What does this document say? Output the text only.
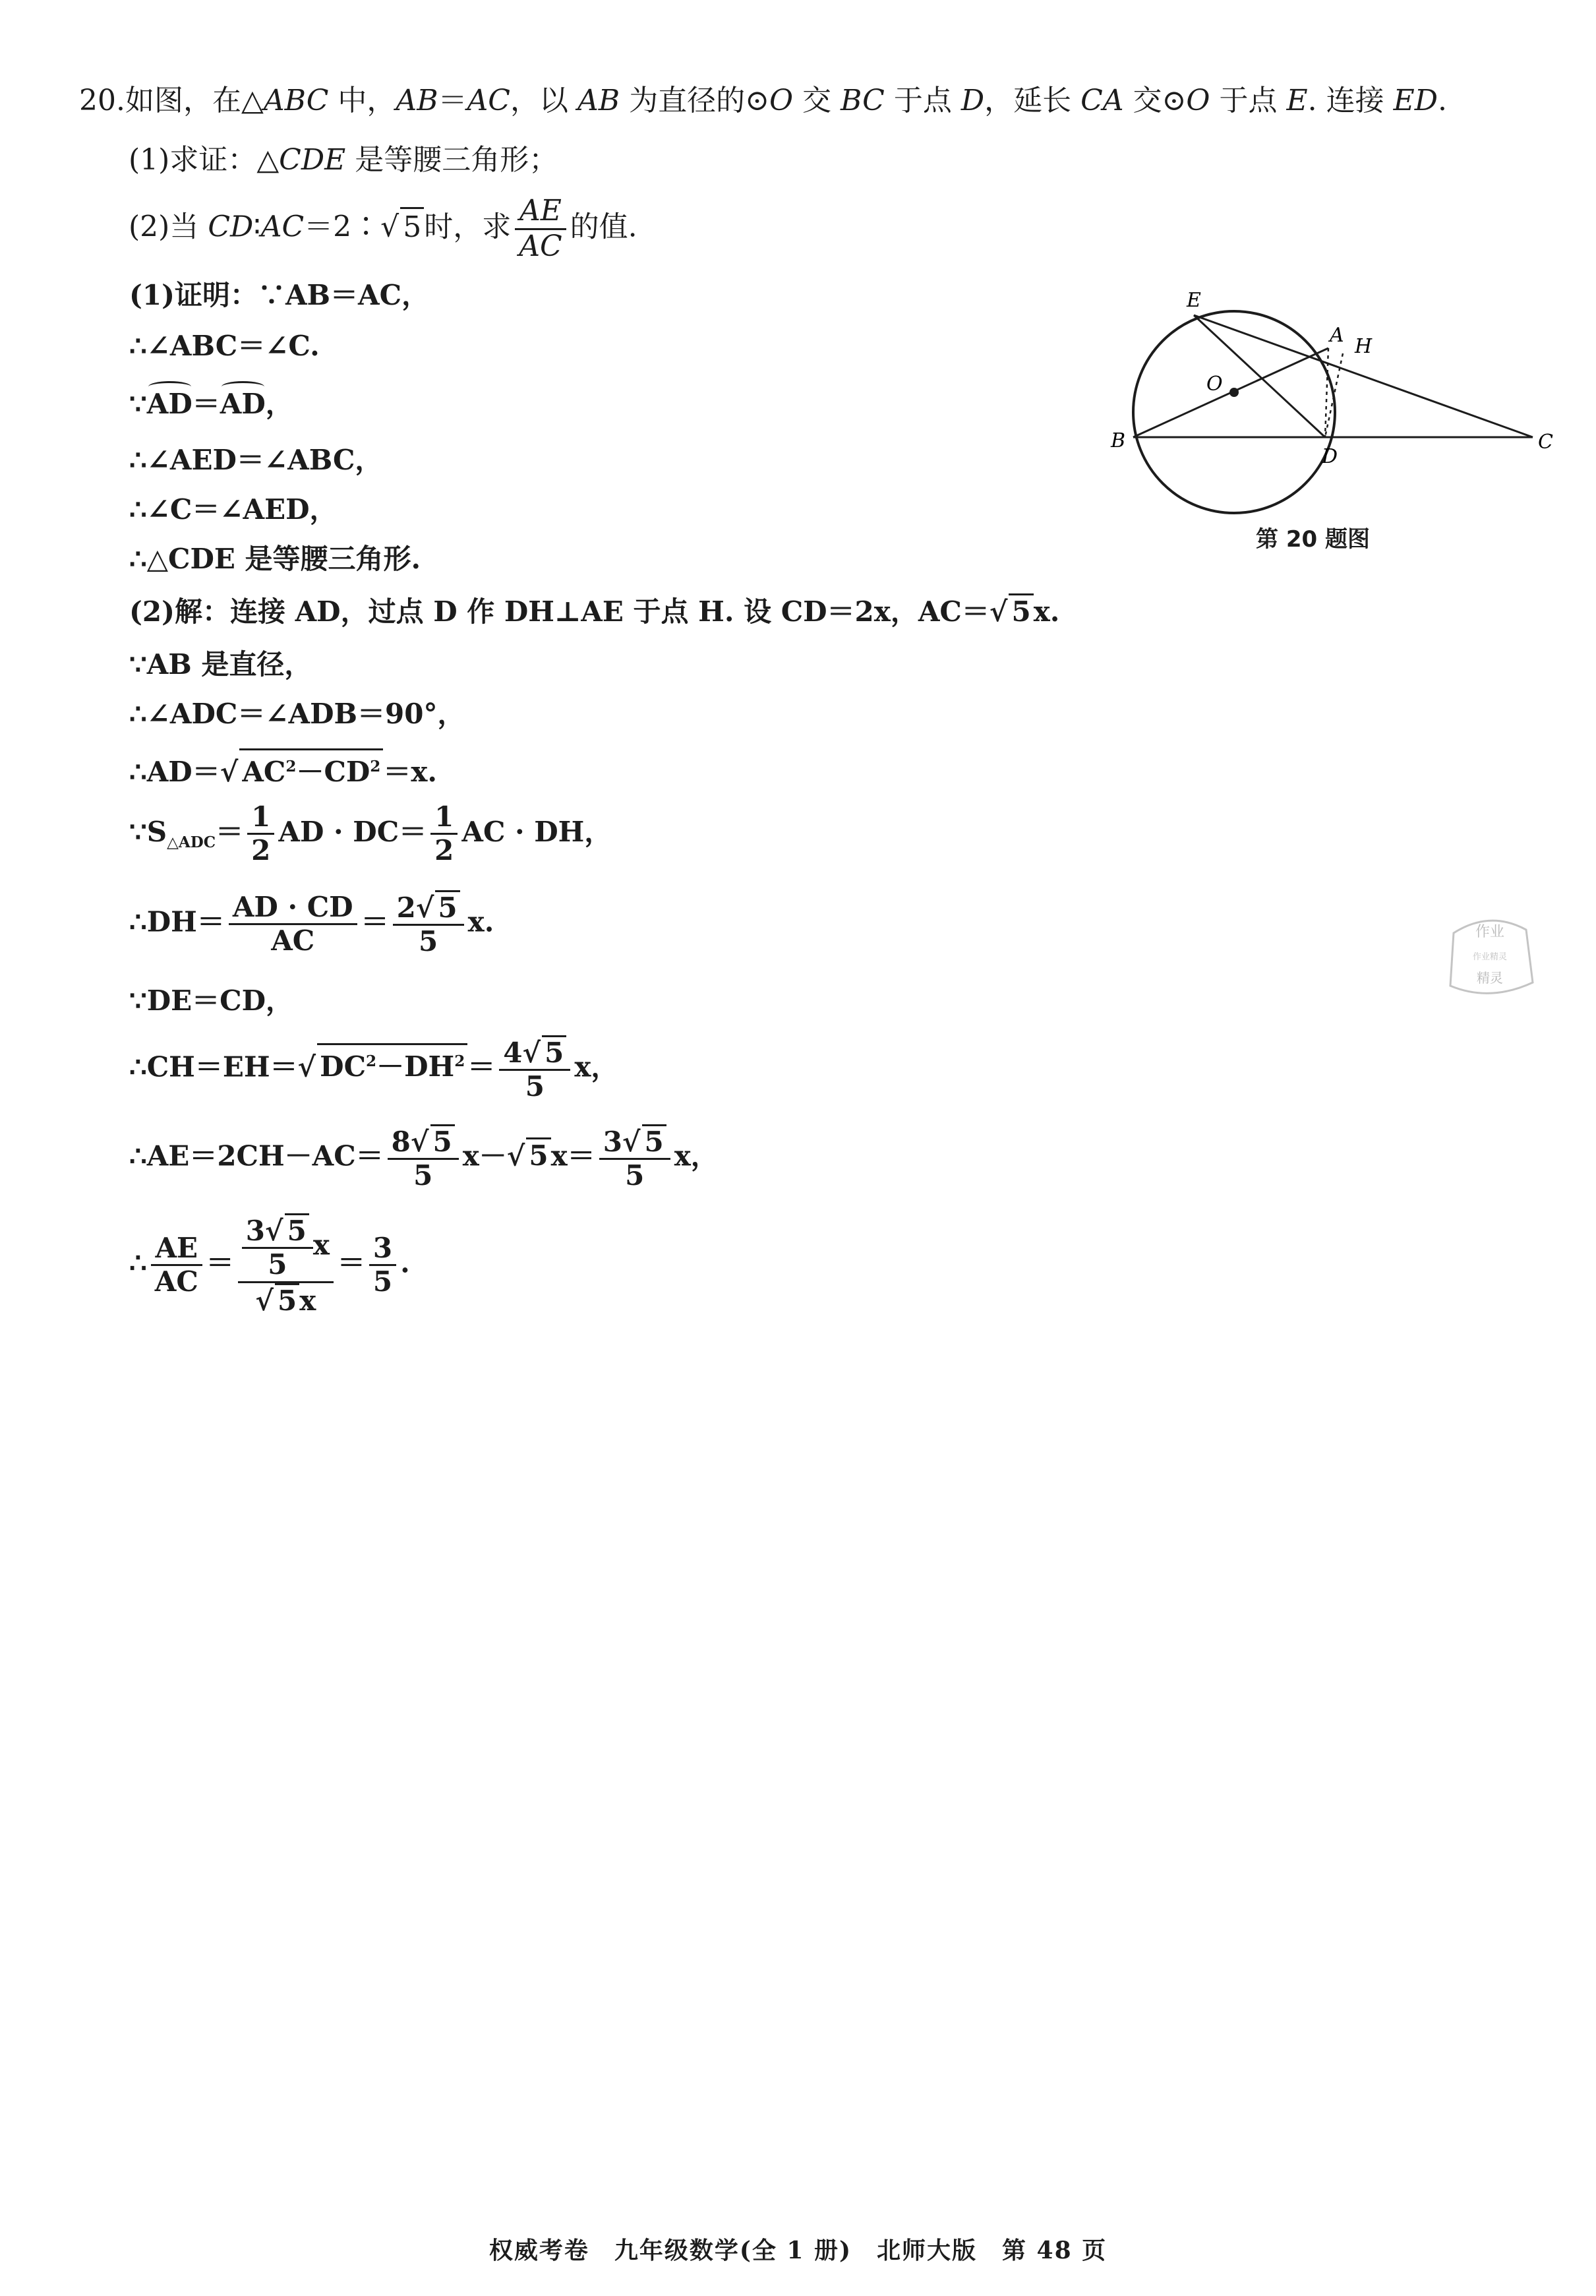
20.如图，在△ABC 中，AB＝AC，以 AB 为直径的⊙O 交 BC 于点 D，延长 CA 交⊙O 于点 E. 连接 ED.
(1)求证：△CDE 是等腰三角形；
(2)当 CD∶AC＝2∶√ 5时，求 $\frac{AE}{AC}$ 的值.
(1)证明：∵AB＝AC，
∴∠ABC＝∠C.
∵AD＝AD，
∴∠AED＝∠ABC，
∴∠C＝∠AED，
∴△CDE 是等腰三角形.
(2)解：连接 AD，过点 D 作 DH⊥AE 于点 H. 设 CD＝2x，AC＝√ 5x.
∵AB 是直径，
∴∠ADC＝∠ADB＝90°，
∴AD＝√ $AC^2-CD^2=x$.
$\because S_{\triangle ADC}= \frac{1}{2}$ AD · $DC= \frac{1}{2}$ AC · DH，
∴DH＝ $\frac{AD \cdot CD}{AC} = \frac{2√ 5}{5} x$.
∵DE＝CD，
∴CH＝EH＝√ $DC^2-DH^2= \frac{4√ 5}{5}$ x，
∴AE＝2CH－AC＝ $\frac{8√ 5}{5} x-√$ $5x= \frac{3√ 5}{5}$ x，
∴ $\frac{AE}{AC} = \frac{\frac{3√ 5}{5} x}{√ 5x} = \frac{3}{5}$ .
E
A H
O
B
D
C
第 20 题图
作业
作业精灵
精灵
权威考卷　九年级数学(全 1 册)　北师大版　第 48 页
